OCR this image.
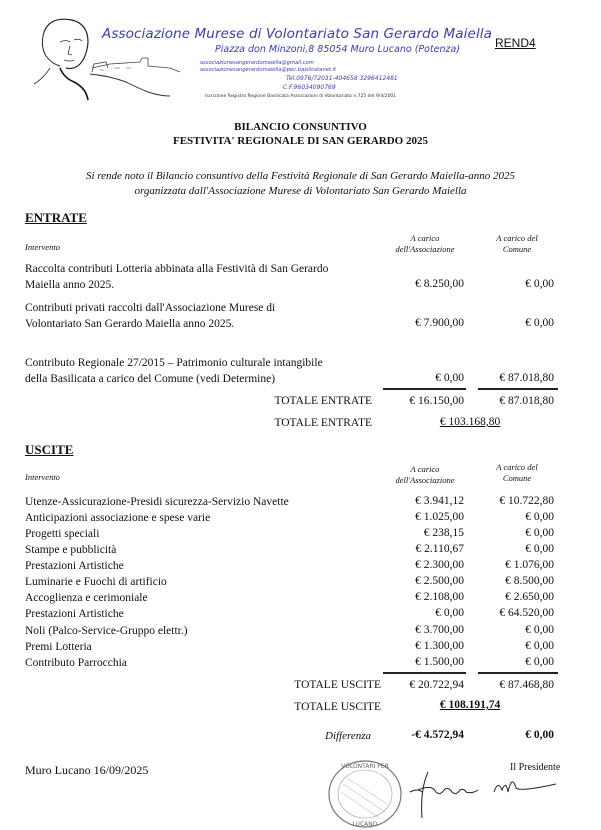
Associazione Murese di Volontariato San Gerardo Maiella
Piazza don Minzoni,8 85054 Muro Lucano (Potenza)
associazionesangerardomaiella@gmail.com
associazionesangerardomaiella@pec.basilicatanet.it
Tel.0976/72031-404658 3296412481
C.F.96034090769
Iscrizione Registro Regione Basilicata Associazioni di Volontariato n.725 del 9/4/2001
REND4
BILANCIO CONSUNTIVO
FESTIVITA' REGIONALE DI SAN GERARDO 2025
Si rende noto il Bilancio consuntivo della Festività Regionale di San Gerardo Maiella-anno 2025
organizzata dall'Associazione Murese di Volontariato San Gerardo Maiella
ENTRATE
Intervento
A carico
dell'Associazione
A carico del
Comune
Raccolta contributi Lotteria abbinata alla Festività di San Gerardo
Maiella anno 2025.	€ 8.250,00	€ 0,00
Contributi privati raccolti dall'Associazione Murese di
Volontariato San Gerardo Maiella anno 2025.	€ 7.900,00	€ 0,00
Contributo Regionale 27/2015 – Patrimonio culturale intangibile
della Basilicata a carico del Comune (vedi Determine)	€ 0,00	€ 87.018,80
TOTALE ENTRATE	€ 16.150,00	€ 87.018,80
TOTALE ENTRATE	€ 103.168,80
USCITE
Intervento
A carico
dell'Associazione
A carico del
Comune
Utenze-Assicurazione-Presidi sicurezza-Servizio Navette	€ 3.941,12	€ 10.722,80
Anticipazioni associazione e spese varie	€ 1.025,00	€ 0,00
Progetti speciali	€ 238,15	€ 0,00
Stampe e pubblicità	€ 2.110,67	€ 0,00
Prestazioni Artistiche	€ 2.300,00	€ 1.076,00
Luminarie e Fuochi di artificio	€ 2.500,00	€ 8.500,00
Accoglienza e cerimoniale	€ 2.108,00	€ 2.650,00
Prestazioni Artistiche	€ 0,00	€ 64.520,00
Noli (Palco-Service-Gruppo elettr.)	€ 3.700,00	€ 0,00
Premi Lotteria	€ 1.300,00	€ 0,00
Contributo Parrocchia	€ 1.500,00	€ 0,00
TOTALE USCITE	€ 20.722,94	€ 87.468,80
TOTALE USCITE	€ 108.191,74
Differenza	-€ 4.572,94	€ 0,00
Muro Lucano 16/09/2025	VOLONTARI PER
LUCANO
Il Presidente
